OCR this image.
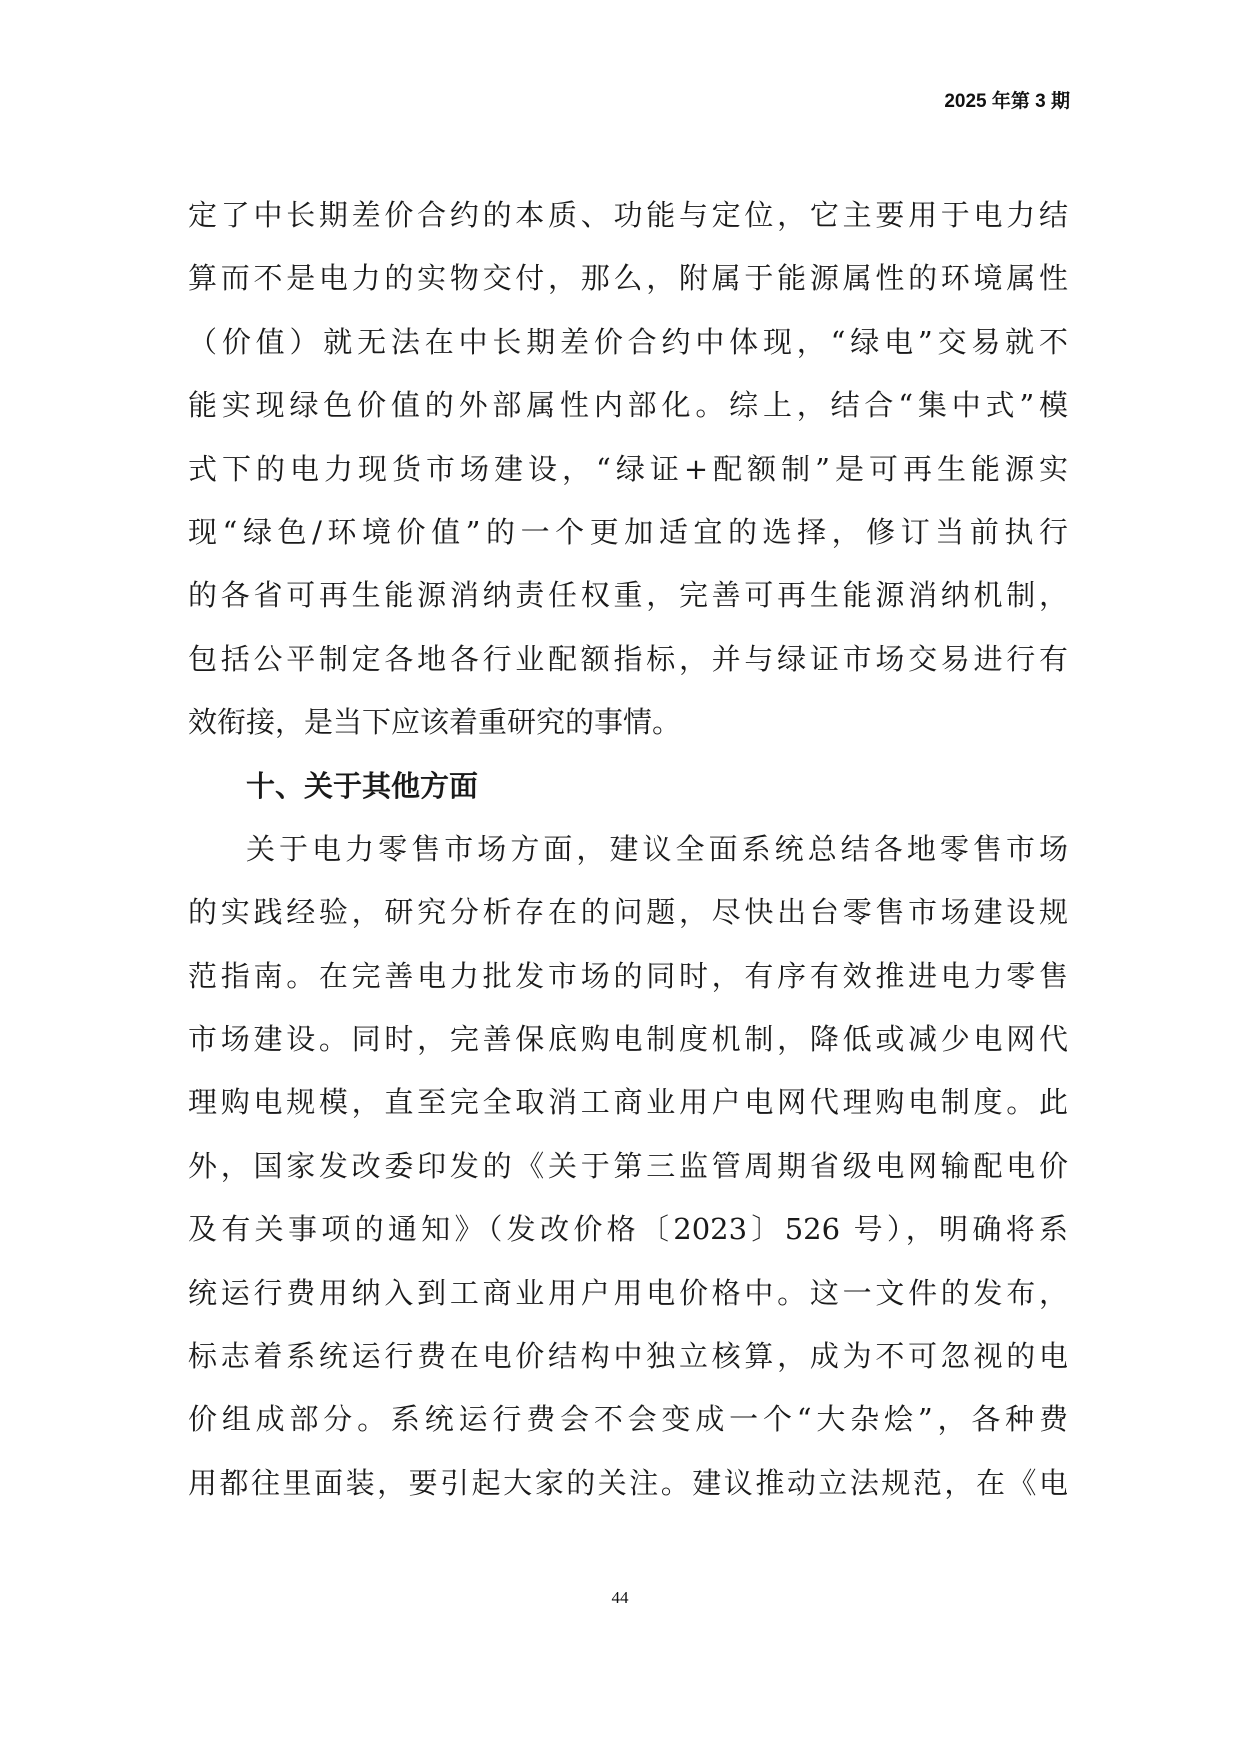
2025 年第 3 期
定了中长期差价合约的本质、功能与定位，它主要用于电力结
算而不是电力的实物交付，那么，附属于能源属性的环境属性
（价值）就无法在中长期差价合约中体现，“绿电”交易就不
能实现绿色价值的外部属性内部化。综上，结合“集中式”模
式下的电力现货市场建设，“绿证+配额制”是可再生能源实
现“绿色/环境价值”的一个更加适宜的选择，修订当前执行
的各省可再生能源消纳责任权重，完善可再生能源消纳机制，
包括公平制定各地各行业配额指标，并与绿证市场交易进行有
效衔接，是当下应该着重研究的事情。
十、关于其他方面
关于电力零售市场方面，建议全面系统总结各地零售市场
的实践经验，研究分析存在的问题，尽快出台零售市场建设规
范指南。在完善电力批发市场的同时，有序有效推进电力零售
市场建设。同时，完善保底购电制度机制，降低或减少电网代
理购电规模，直至完全取消工商业用户电网代理购电制度。此
外，国家发改委印发的《关于第三监管周期省级电网输配电价
及有关事项的通知》（发改价格〔2023〕526 号），明确将系
统运行费用纳入到工商业用户用电价格中。这一文件的发布，
标志着系统运行费在电价结构中独立核算，成为不可忽视的电
价组成部分。系统运行费会不会变成一个“大杂烩”，各种费
用都往里面装，要引起大家的关注。建议推动立法规范，在《电
44
